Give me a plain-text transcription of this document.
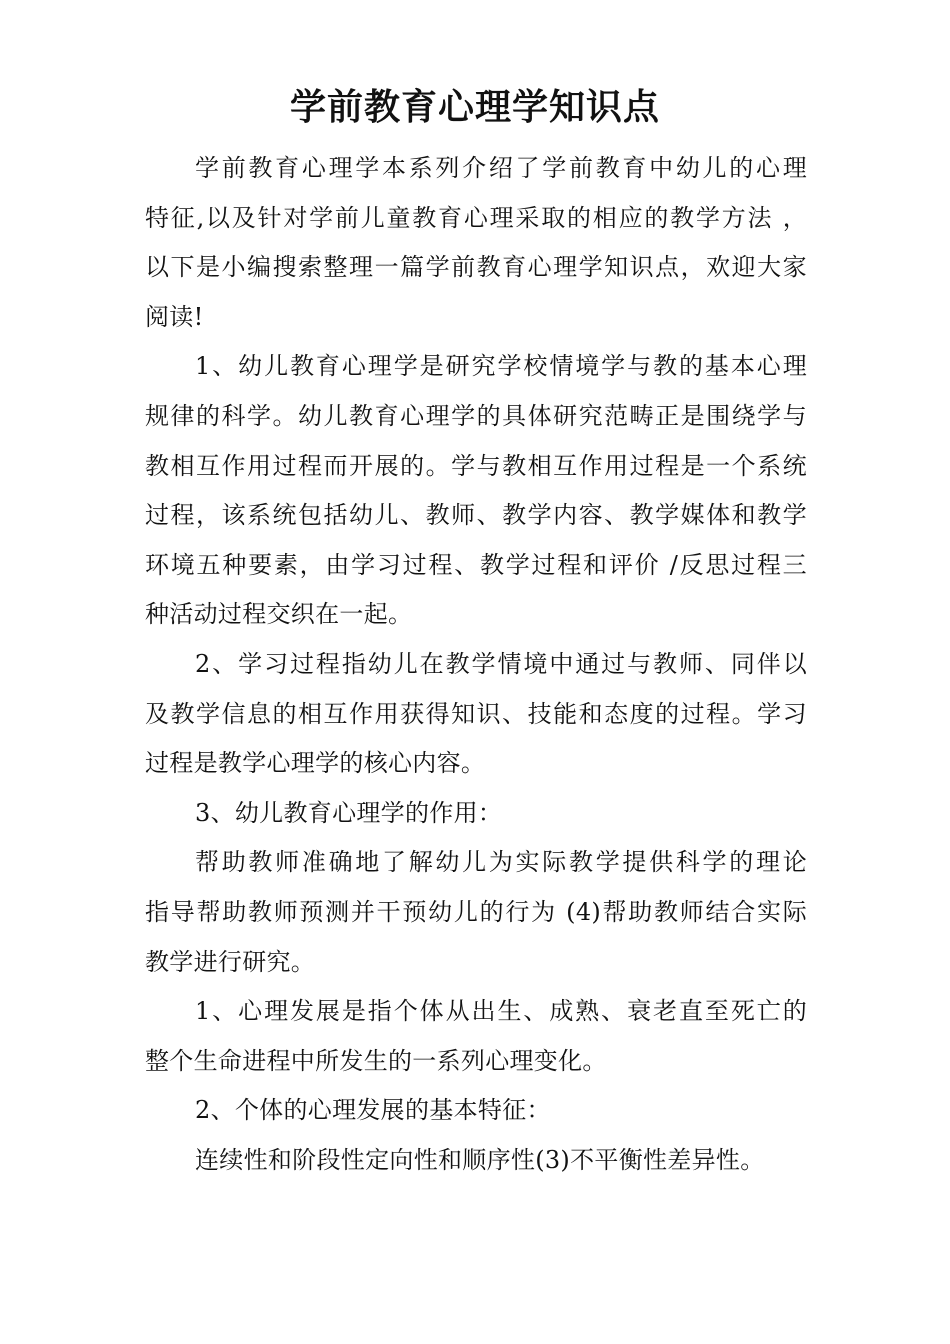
学前教育心理学知识点
学前教育心理学本系列介绍了学前教育中幼儿的心理
特征,以及针对学前儿童教育心理采取的相应的教学方法 ，
以下是小编搜索整理一篇学前教育心理学知识点，欢迎大家
阅读!
1、幼儿教育心理学是研究学校情境学与教的基本心理
规律的科学。幼儿教育心理学的具体研究范畴正是围绕学与
教相互作用过程而开展的。学与教相互作用过程是一个系统
过程，该系统包括幼儿、教师、教学内容、教学媒体和教学
环境五种要素，由学习过程、教学过程和评价 /反思过程三
种活动过程交织在一起。
2、学习过程指幼儿在教学情境中通过与教师、同伴以
及教学信息的相互作用获得知识、技能和态度的过程。学习
过程是教学心理学的核心内容。
3、幼儿教育心理学的作用：
帮助教师准确地了解幼儿为实际教学提供科学的理论
指导帮助教师预测并干预幼儿的行为 (4)帮助教师结合实际
教学进行研究。
1、心理发展是指个体从出生、成熟、衰老直至死亡的
整个生命进程中所发生的一系列心理变化。
2、个体的心理发展的基本特征：
连续性和阶段性定向性和顺序性(3)不平衡性差异性。
